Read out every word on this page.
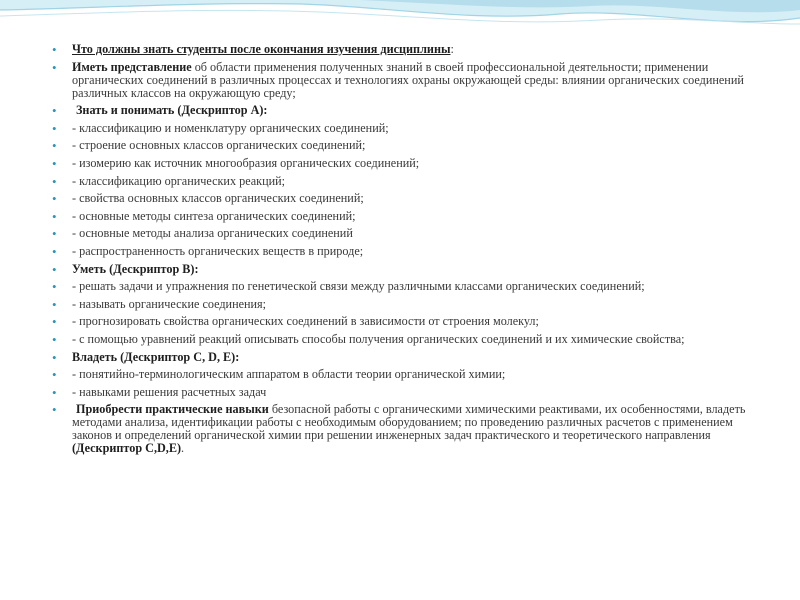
• Что должны знать студенты после окончания изучения дисциплины:
• Иметь представление об области применения полученных знаний в своей профессиональной деятельности; применении органических соединений в различных процессах и технологиях охраны окружающей среды: влиянии органических соединений различных классов на окружающую среду;
• Знать и понимать (Дескриптор А):
• - классификацию и номенклатуру органических соединений;
• - строение основных классов органических соединений;
• - изомерию как источник многообразия органических соединений;
• - классификацию органических реакций;
• - свойства основных классов органических соединений;
• - основные методы синтеза органических соединений;
• - основные методы анализа органических соединений
• - распространенность органических веществ в природе;
• Уметь (Дескриптор В):
• - решать задачи и упражнения по генетической связи между различными классами органических соединений;
• - называть органические соединения;
• - прогнозировать свойства органических соединений в зависимости от строения молекул;
• - с помощью уравнений реакций описывать способы получения органических соединений и их химические свойства;
• Владеть (Дескриптор С, D, Е):
• - понятийно-терминологическим аппаратом в области теории органической химии;
• - навыками решения расчетных задач
• Приобрести практические навыки безопасной работы с органическими химическими реактивами, их особенностями, владеть методами анализа, идентификации работы с необходимым оборудованием; по проведению различных расчетов с применением законов и определений органической химии при решении инженерных задач практического и теоретического направления (Дескриптор С,D,Е).
